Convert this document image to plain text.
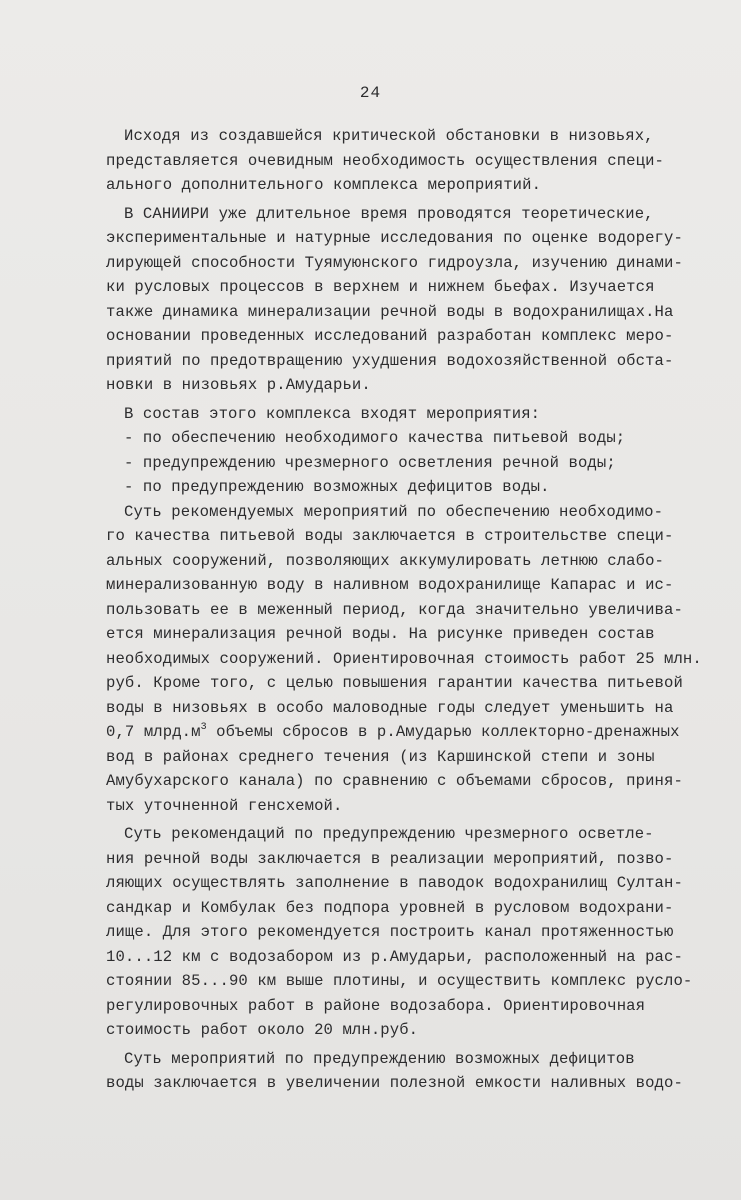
24
Исходя из создавшейся критической обстановки в низовьях,
представляется очевидным необходимость осуществления специ-
ального дополнительного комплекса мероприятий.
В САНИИРИ уже длительное время проводятся теоретические,
экспериментальные и натурные исследования по оценке водорегу-
лирующей способности Туямуюнского гидроузла, изучению динами-
ки русловых процессов в верхнем и нижнем бьефах. Изучается
также динамика минерализации речной воды в водохранилищах.На
основании проведенных исследований разработан комплекс меро-
приятий по предотвращению ухудшения водохозяйственной обста-
новки в низовьях р.Амударьи.
В состав этого комплекса входят мероприятия:
- по обеспечению необходимого качества питьевой воды;
- предупреждению чрезмерного осветления речной воды;
- по предупреждению возможных дефицитов воды.
Суть рекомендуемых мероприятий по обеспечению необходимо-
го качества питьевой воды заключается в строительстве специ-
альных сооружений, позволяющих аккумулировать летнюю слабо-
минерализованную воду в наливном водохранилище Капарас и ис-
пользовать ее в меженный период, когда значительно увеличива-
ется минерализация речной воды. На рисунке приведен состав
необходимых сооружений. Ориентировочная стоимость работ 25 млн.
руб. Кроме того, с целью повышения гарантии качества питьевой
воды в низовьях в особо маловодные годы следует уменьшить на
0,7 $млрд.м^3$ объемы сбросов в р.Амударью коллекторно-дренажных
вод в районах среднего течения (из Каршинской степи и зоны
Амубухарского канала) по сравнению с объемами сбросов, приня-
тых уточненной генсхемой.
Суть рекомендаций по предупреждению чрезмерного осветле-
ния речной воды заключается в реализации мероприятий, позво-
ляющих осуществлять заполнение в паводок водохранилищ Султан-
сандкар и Комбулак без подпора уровней в русловом водохрани-
лище. Для этого рекомендуется построить канал протяженностью
10...12 км с водозабором из р.Амударьи, расположенный на рас-
стоянии 85...90 км выше плотины, и осуществить комплекс русло-
регулировочных работ в районе водозабора. Ориентировочная
стоимость работ около 20 млн.руб.
Суть мероприятий по предупреждению возможных дефицитов
воды заключается в увеличении полезной емкости наливных водо-
